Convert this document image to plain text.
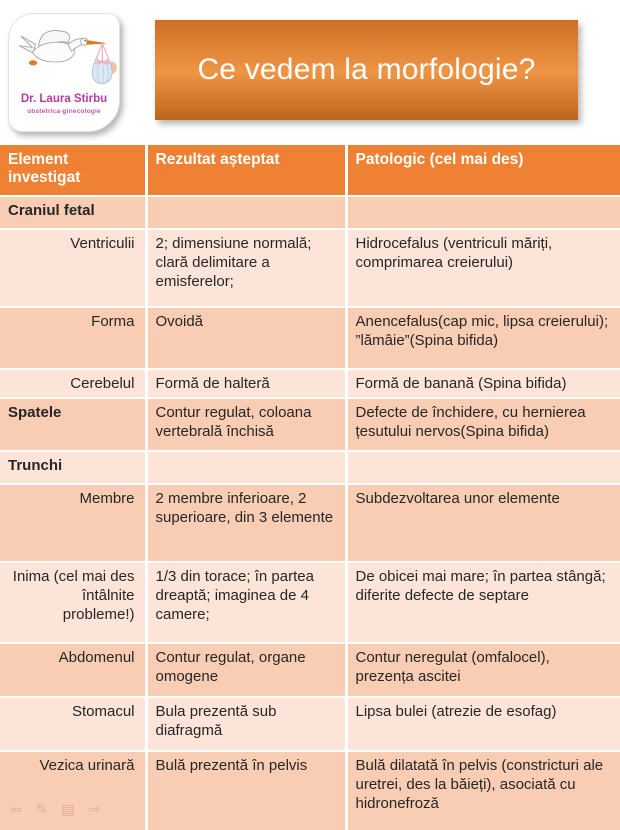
Dr. Laura Stirbu
obstetrica-ginecologie
Ce vedem la morfologie?
Element investigat	Rezultat așteptat	Patologic (cel mai des)
Craniul fetal		
Ventriculii	2; dimensiune normală; clară delimitare a emisferelor;	Hidrocefalus (ventriculi măriți, comprimarea creierului)
Forma	Ovoidă	Anencefalus(cap mic, lipsa creierului); ”lămâie”(Spina bifida)
Cerebelul	Formă de halteră	Formă de banană (Spina bifida)
Spatele	Contur regulat, coloana vertebrală închisă	Defecte de închidere, cu hernierea țesutului nervos(Spina bifida)
Trunchi		
Membre	2 membre inferioare, 2 superioare, din 3 elemente	Subdezvoltarea unor elemente
Inima (cel mai des întâlnite probleme!)	1/3 din torace; în partea dreaptă; imaginea de 4 camere;	De obicei mai mare; în partea stângă; diferite defecte de septare
Abdomenul	Contur regulat, organe omogene	Contur neregulat (omfalocel), prezența ascitei
Stomacul	Bula prezentă sub diafragmă	Lipsa bulei (atrezie de esofag)
Vezica urinară	Bulă prezentă în pelvis	Bulă dilatată în pelvis (constricturi ale uretrei, des la băieți), asociată cu hidronefroză
⇦ ✎ ▤ ⇨
